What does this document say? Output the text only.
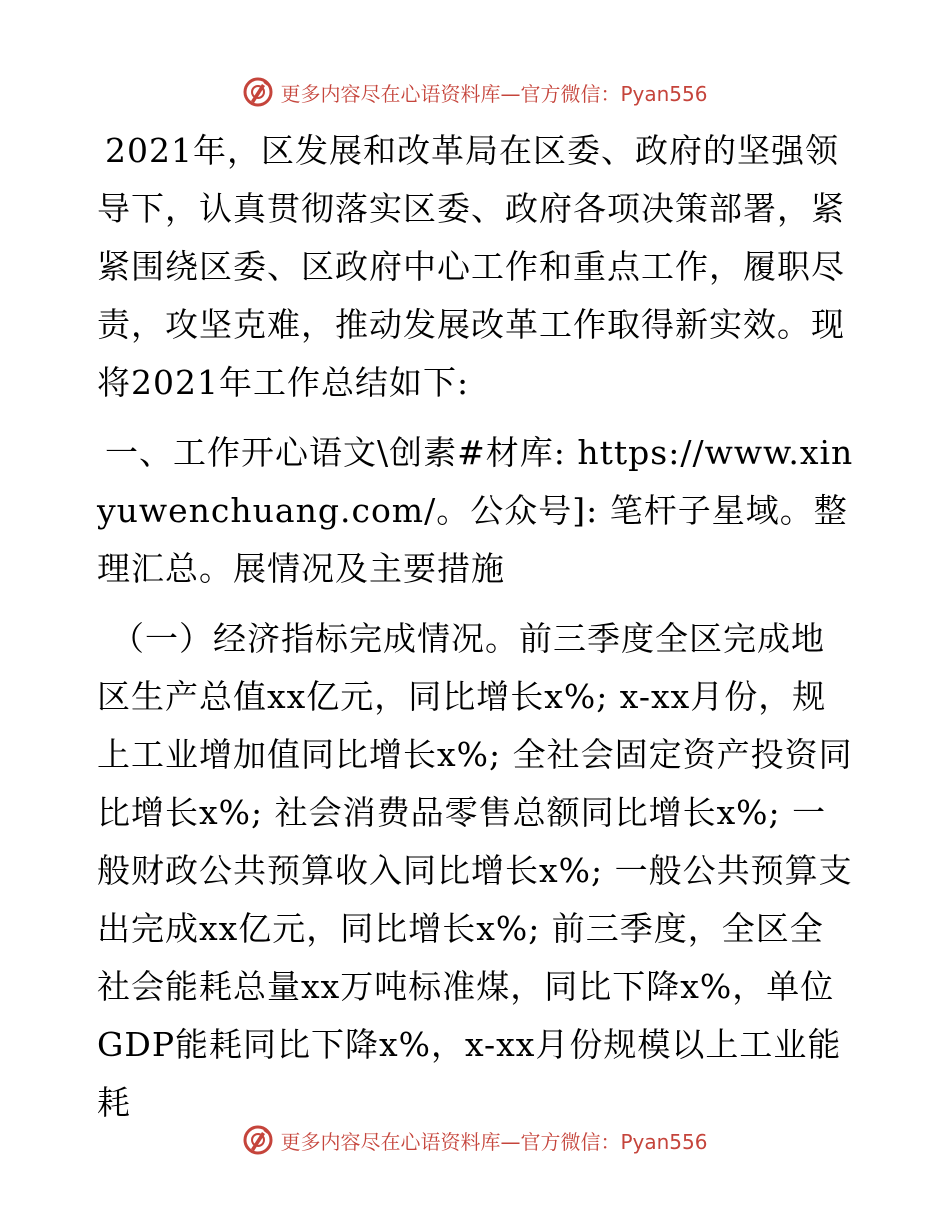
更多内容尽在心语资料库—官方微信：Pyan556

2021年，区发展和改革局在区委、政府的坚强领导下，认真贯彻落实区委、政府各项决策部署，紧紧围绕区委、区政府中心工作和重点工作，履职尽责，攻坚克难，推动发展改革工作取得新实效。现将2021年工作总结如下:

一、工作开心语文\创素#材库: https://www.xinyuwenchuang.com/。公众号]: 笔杆子星域。整理汇总。展情况及主要措施

（一）经济指标完成情况。前三季度全区完成地区生产总值xx亿元，同比增长x%; x-xx月份，规上工业增加值同比增长x%; 全社会固定资产投资同比增长x%; 社会消费品零售总额同比增长x%; 一般财政公共预算收入同比增长x%; 一般公共预算支出完成xx亿元，同比增长x%; 前三季度，全区全社会能耗总量xx万吨标准煤，同比下降x%，单位GDP能耗同比下降x%，x-xx月份规模以上工业能耗

更多内容尽在心语资料库—官方微信：Pyan556
